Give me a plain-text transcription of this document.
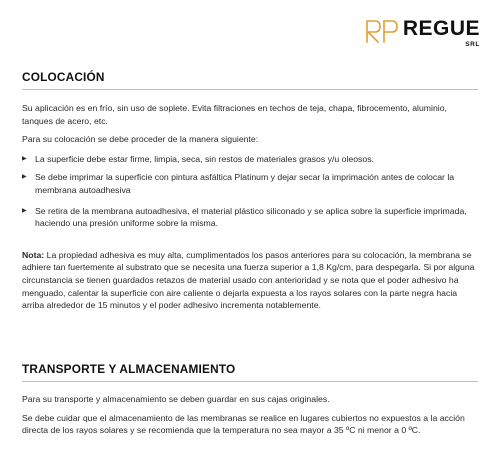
RP REGUE
SRL
COLOCACIÓN

Su aplicación es en frío, sin uso de soplete. Evita filtraciones en techos de teja, chapa, fibrocemento, aluminio, tanques de acero, etc.

Para su colocación se debe proceder de la manera siguiente:

▶ La superficie debe estar firme, limpia, seca, sin restos de materiales grasos y/u oleosos.
▶ Se debe imprimar la superficie con pintura asfáltica Platinum y dejar secar la imprimación antes de colocar la membrana autoadhesiva
▶ Se retira de la membrana autoadhesiva, el material plástico siliconado y se aplica sobre la superficie imprimada, haciendo una presión uniforme sobre la misma.

Nota: La propiedad adhesiva es muy alta, cumplimentados los pasos anteriores para su colocación, la membrana se adhiere tan fuertemente al substrato que se necesita una fuerza superior a 1,8 Kg/cm, para despegarla. Si por alguna circunstancia se tienen guardados retazos de material usado con anterioridad y se nota que el poder adhesivo ha menguado, calentar la superficie con aire caliente o dejarla expuesta a los rayos solares con la parte negra hacia arriba alrededor de 15 minutos y el poder adhesivo incrementa notablemente.

TRANSPORTE Y ALMACENAMIENTO

Para su transporte y almacenamiento se deben guardar en sus cajas originales.

Se debe cuidar que el almacenamiento de las membranas se realice en lugares cubiertos no expuestos a la acción directa de los rayos solares y se recomienda que la temperatura no sea mayor a 35 ºC ni menor a 0 ºC.
